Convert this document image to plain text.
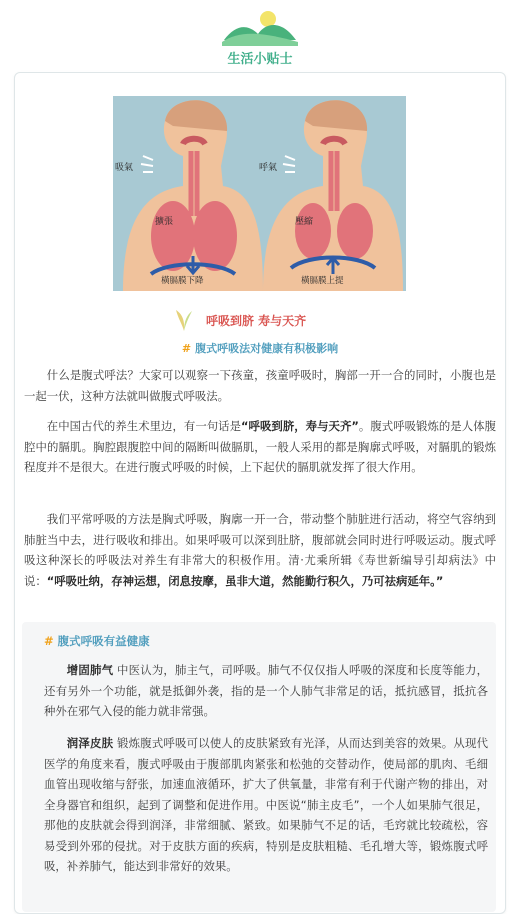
生活小贴士
吸氣
擴張
橫膈膜下降
呼氣
壓縮
橫膈膜上提
呼吸到脐 寿与天齐
# 腹式呼吸法对健康有积极影响

什么是腹式呼法？大家可以观察一下孩童，孩童呼吸时，胸部一开一合的同时，小腹也是一起一伏，这种方法就叫做腹式呼吸法。

在中国古代的养生术里边，有一句话是“呼吸到脐，寿与天齐”。腹式呼吸锻炼的是人体腹腔中的膈肌。胸腔跟腹腔中间的隔断叫做膈肌，一般人采用的都是胸廓式呼吸，对膈肌的锻炼程度并不是很大。在进行腹式呼吸的时候，上下起伏的膈肌就发挥了很大作用。

我们平常呼吸的方法是胸式呼吸，胸廓一开一合，带动整个肺脏进行活动，将空气容纳到肺脏当中去，进行吸收和排出。如果呼吸可以深到肚脐，腹部就会同时进行呼吸运动。腹式呼吸这种深长的呼吸法对养生有非常大的积极作用。清·尤乘所辑《寿世新编导引却病法》中说：“呼吸吐纳，存神运想，闭息按摩，虽非大道，然能勤行积久，乃可祛病延年。”

# 腹式呼吸有益健康

增固肺气 中医认为，肺主气，司呼吸。肺气不仅仅指人呼吸的深度和长度等能力，还有另外一个功能，就是抵御外袭，指的是一个人肺气非常足的话，抵抗感冒，抵抗各种外在邪气入侵的能力就非常强。

润泽皮肤 锻炼腹式呼吸可以使人的皮肤紧致有光泽，从而达到美容的效果。从现代医学的角度来看，腹式呼吸由于腹部肌肉紧张和松弛的交替动作，使局部的肌肉、毛细血管出现收缩与舒张，加速血液循环，扩大了供氧量，非常有利于代谢产物的排出，对全身器官和组织，起到了调整和促进作用。中医说“肺主皮毛”，一个人如果肺气很足，那他的皮肤就会得到润泽，非常细腻、紧致。如果肺气不足的话，毛窍就比较疏松，容易受到外邪的侵扰。对于皮肤方面的疾病，特别是皮肤粗糙、毛孔增大等，锻炼腹式呼吸，补养肺气，能达到非常好的效果。
